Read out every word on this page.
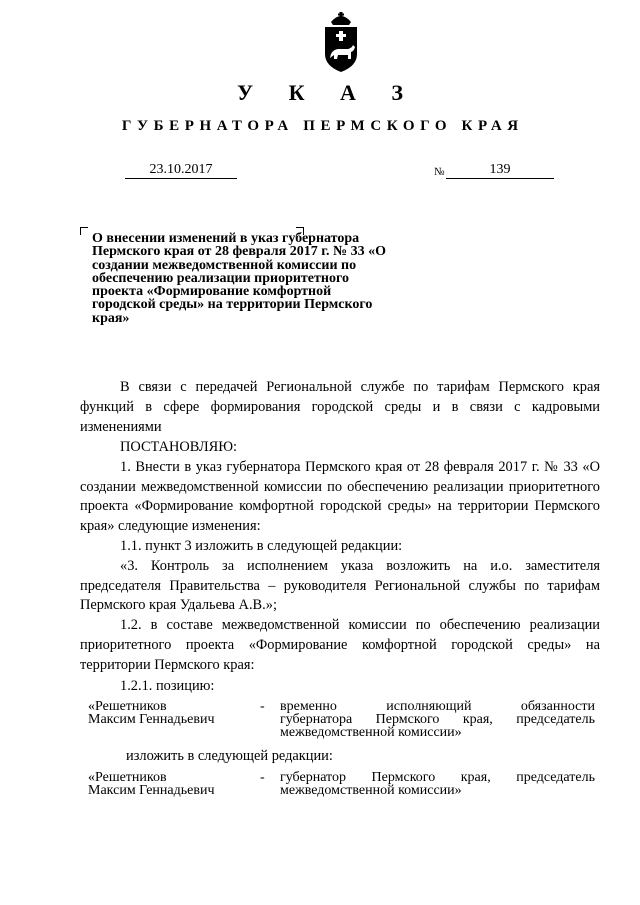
У К А З
ГУБЕРНАТОРА ПЕРМСКОГО КРАЯ
23.10.2017	№	139
О внесении изменений в указ губернатора Пермского края от 28 февраля 2017 г. № 33 «О создании межведомственной комиссии по обеспечению реализации приоритетного проекта «Формирование комфортной городской среды» на территории Пермского края»

В связи с передачей Региональной службе по тарифам Пермского края функций в сфере формирования городской среды и в связи с кадровыми изменениями

ПОСТАНОВЛЯЮ:

1. Внести в указ губернатора Пермского края от 28 февраля 2017 г. № 33 «О создании межведомственной комиссии по обеспечению реализации приоритетного проекта «Формирование комфортной городской среды» на территории Пермского края» следующие изменения:

1.1. пункт 3 изложить в следующей редакции:

«3. Контроль за исполнением указа возложить на и.о. заместителя председателя Правительства – руководителя Региональной службы по тарифам Пермского края Удальева А.В.»;

1.2. в составе межведомственной комиссии по обеспечению реализации приоритетного проекта «Формирование комфортной городской среды» на территории Пермского края:

1.2.1. позицию:

«Решетников
Максим Геннадьевич
- временно исполняющий обязанности
губернатора Пермского края, председатель
межведомственной комиссии»
изложить в следующей редакции:
«Решетников
Максим Геннадьевич
- губернатор Пермского края, председатель
межведомственной комиссии»
